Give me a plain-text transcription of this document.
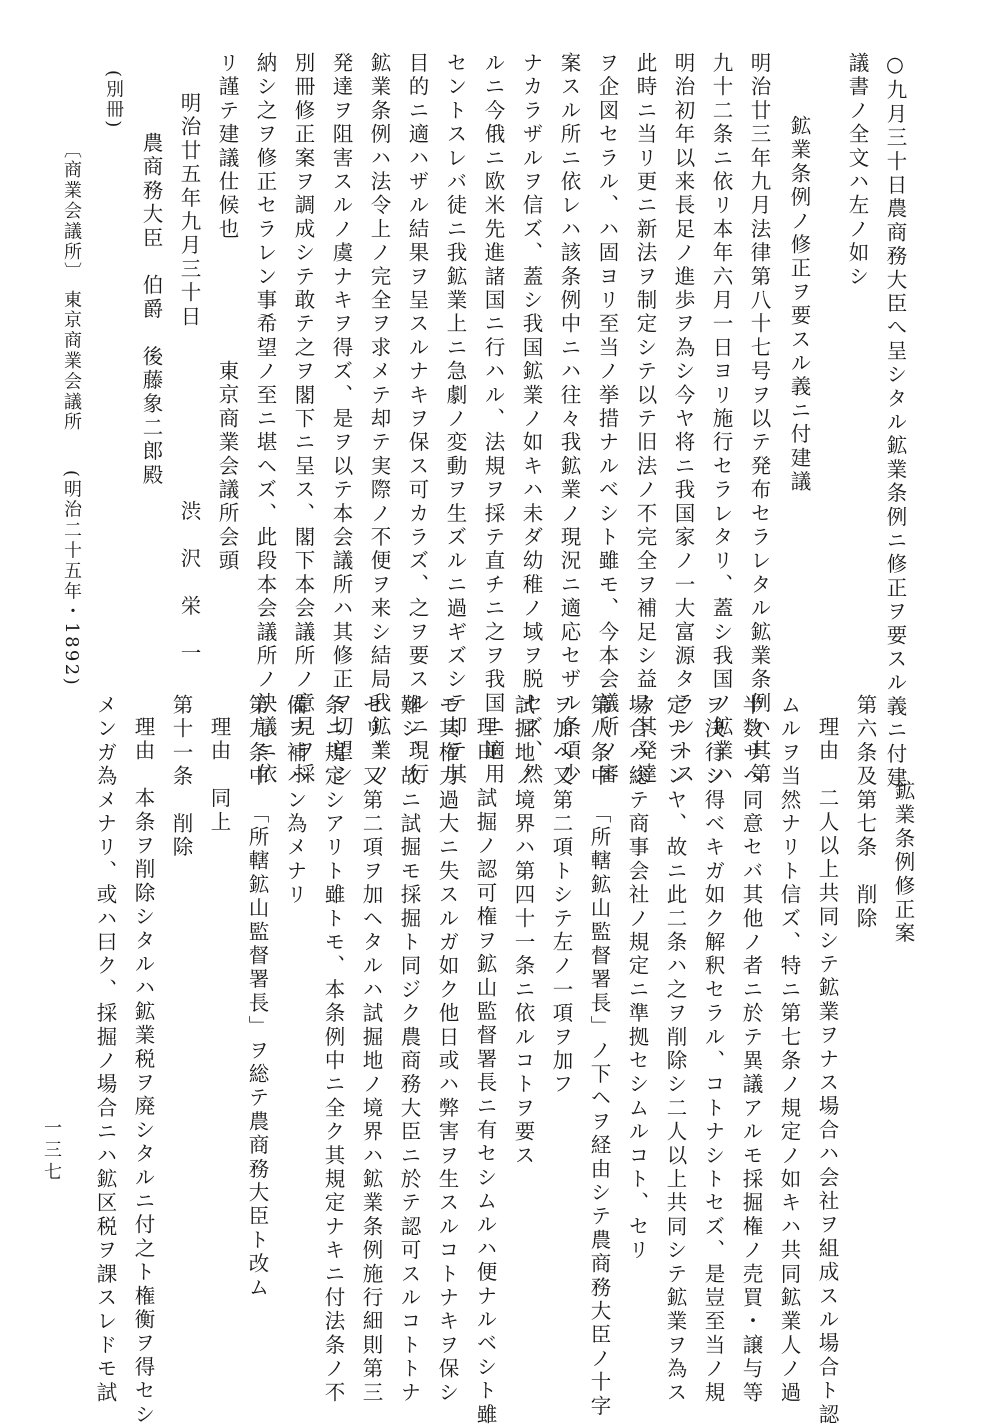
○九月三十日農商務大臣へ呈シタル鉱業条例ニ修正ヲ要スル義ニ付建
議書ノ全文ハ左ノ如シ
鉱業条例ノ修正ヲ要スル義ニ付建議
明治廿三年九月法律第八十七号ヲ以テ発布セラレタル鉱業条例ハ其第
九十二条ニ依リ本年六月一日ヨリ施行セラレタリ、蓋シ我国ノ鉱業ハ
明治初年以来長足ノ進歩ヲ為シ今ヤ将ニ我国家ノ一大富源タラントス
此時ニ当リ更ニ新法ヲ制定シテ以テ旧法ノ不完全ヲ補足シ益々其発達
ヲ企図セラル、ハ固ヨリ至当ノ挙措ナルベシト雖モ、今本会議所ノ審
案スル所ニ依レハ該条例中ニハ往々我鉱業ノ現況ニ適応セザル条項少
ナカラザルヲ信ズ、蓋シ我国鉱業ノ如キハ未ダ幼稚ノ域ヲ脱セズ、然
ルニ今俄ニ欧米先進諸国ニ行ハル、法規ヲ採テ直チニ之ヲ我国ニ適用
セントスレバ徒ニ我鉱業上ニ急劇ノ変動ヲ生ズルニ過ギズシテ却テ其
目的ニ適ハザル結果ヲ呈スルナキヲ保ス可カラズ、之ヲ要スルニ現行
鉱業条例ハ法令上ノ完全ヲ求メテ却テ実際ノ不便ヲ来シ結局我鉱業ノ
発達ヲ阻害スルノ虞ナキヲ得ズ、是ヲ以テ本会議所ハ其修正ヲ切望シ
別冊修正案ヲ調成シテ敢テ之ヲ閣下ニ呈ス、閣下本会議所ノ意見ヲ採
納シ之ヲ修正セラレン事希望ノ至ニ堪ヘズ、此段本会議所ノ決議ニ依
リ謹テ建議仕候也
東京商業会議所会頭
渋　沢　栄　一
明治廿五年九月三十日
農商務大臣　伯爵　後藤象二郎殿
(別冊)
〔商業会議所〕
東京商業会議所
(明治二十五年・1892)
鉱業条例修正案
第六条及第七条　削除
理由　二人以上共同シテ鉱業ヲナス場合ハ会社ヲ組成スル場合ト認
ムルヲ当然ナリト信ズ、特ニ第七条ノ規定ノ如キハ共同鉱業人ノ過
半数サヘ同意セバ其他ノ者ニ於テ異議アルモ採掘権ノ売買・譲与等
ヲ決行シ得ベキガ如ク解釈セラル、コトナシトセズ、是豈至当ノ規
定ナランヤ、故ニ此二条ハ之ヲ削除シ二人以上共同シテ鉱業ヲ為ス
場合ハ総テ商事会社ノ規定ニ準拠セシムルコト、セリ
第八条中　「所轄鉱山監督署長」ノ下ヘヲ経由シテ農商務大臣ノ十字
ヲ加ヘ又第二項トシテ左ノ一項ヲ加フ
試掘地ノ境界ハ第四十一条ニ依ルコトヲ要ス
理由　試掘ノ認可権ヲ鉱山監督署長ニ有セシムルハ便ナルベシト雖
モ其権力過大ニ失スルガ如ク他日或ハ弊害ヲ生スルコトナキヲ保シ
難シ、故ニ試掘モ採掘ト同ジク農商務大臣ニ於テ認可スルコトトナ
セリ、又第二項ヲ加ヘタルハ試掘地ノ境界ハ鉱業条例施行細則第三
条ニ規定シアリト雖トモ、本条例中ニ全ク其規定ナキニ付法条ノ不
備ヲ補ハン為メナリ
第九条中　「所轄鉱山監督署長」ヲ総テ農商務大臣ト改ム
理由　同上
第十一条　削除
理由　本条ヲ削除シタルハ鉱業税ヲ廃シタルニ付之ト権衡ヲ得セシ
メンガ為メナリ、或ハ曰ク、採掘ノ場合ニハ鉱区税ヲ課スレドモ試
一三七
